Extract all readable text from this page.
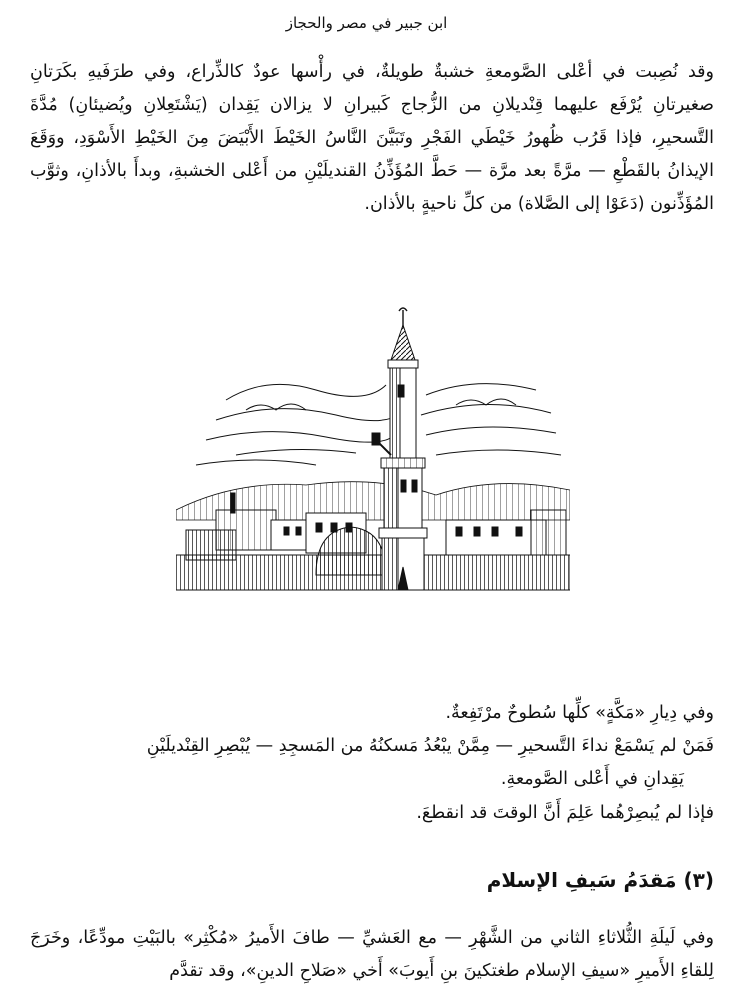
ابن جبير في مصر والحجاز

وقد نُصِبت في أعْلى الصَّومعةِ خشبةٌ طويلةٌ، في رأْسها عودٌ كالذِّراع، وفي طرَفَيهِ بكَرَتانِ صغيرتانِ يُرْفَع عليهما قِنْديلانِ من الزُّجاج كَبيرانِ لا يزالان يَقِدان (يَشْتَعِلانِ ويُضيئانِ) مُدَّةَ التَّسحيرِ، فإذا قَرُب ظُهورُ خَيْطَي الفَجْرِ وتَبَيَّنَ النَّاسُ الخَيْطَ الأَبْيَضَ مِنَ الخَيْطِ الأَسْوَدِ، ووَقَعَ الإيذانُ بالقَطْعِ — مرَّةً بعد مرَّة — حَطَّ المُؤَذِّنُ القنديلَيْنِ من أَعْلى الخشبةِ، وبدأَ بالأذانِ، وثوَّب المُؤَذِّنون (دَعَوْا إلى الصَّلاة) من كلِّ ناحيةٍ بالأذان.

وفي دِيارِ «مَكَّةٍ» كلِّها سُطوحٌ مرْتَفِعةٌ.

فَمَنْ لم يَسْمَعْ نداءَ التَّسحيرِ — مِمَّنْ يبْعُدُ مَسكنُهُ من المَسجِدِ — يُبْصِرِ القِنْديلَيْنِ

يَقِدانِ في أَعْلى الصَّومعةِ.

فإذا لم يُبصِرْهُما عَلِمَ أَنَّ الوقتَ قد انقطعَ.

(٣) مَقدَمُ سَيفِ الإسلام

وفي لَيلَةِ الثُّلاثاءِ الثاني من الشَّهْرِ — مع العَشيِّ — طافَ الأَميرُ «مُكْثِر» بالبَيْتِ مودِّعًا، وخَرَجَ لِلقاءِ الأَميرِ «سيفِ الإسلام طغتكينَ بنِ أَيوبَ» أَخي «صَلاحِ الدينِ»، وقد تقدَّم
